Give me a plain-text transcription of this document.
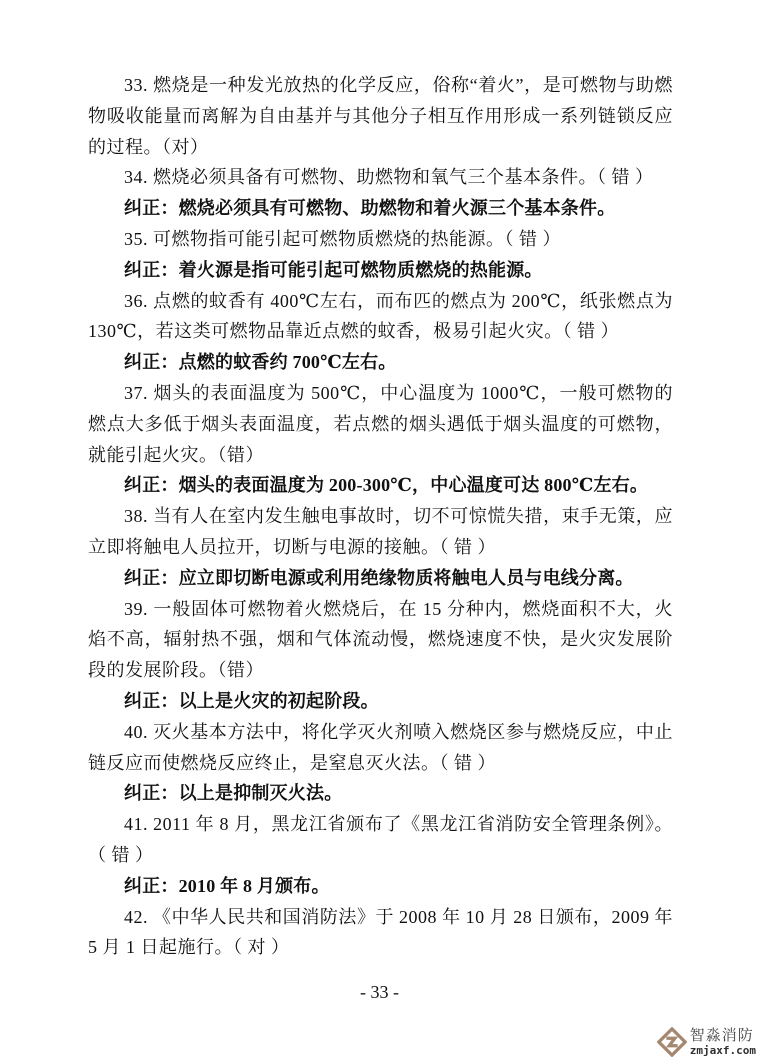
33. 燃烧是一种发光放热的化学反应，俗称“着火”，是可燃物与助燃物吸收能量而离解为自由基并与其他分子相互作用形成一系列链锁反应的过程。（对）

34. 燃烧必须具备有可燃物、助燃物和氧气三个基本条件。（ 错 ）

纠正：燃烧必须具有可燃物、助燃物和着火源三个基本条件。

35. 可燃物指可能引起可燃物质燃烧的热能源。（ 错 ）

纠正：着火源是指可能引起可燃物质燃烧的热能源。

36. 点燃的蚊香有 400℃左右，而布匹的燃点为 200℃，纸张燃点为 130℃，若这类可燃物品靠近点燃的蚊香，极易引起火灾。（ 错 ）

纠正：点燃的蚊香约 700℃左右。

37. 烟头的表面温度为 500℃，中心温度为 1000℃，一般可燃物的燃点大多低于烟头表面温度，若点燃的烟头遇低于烟头温度的可燃物，就能引起火灾。（错）

纠正：烟头的表面温度为 200-300℃，中心温度可达 800℃左右。

38. 当有人在室内发生触电事故时，切不可惊慌失措，束手无策，应立即将触电人员拉开，切断与电源的接触。（ 错 ）

纠正：应立即切断电源或利用绝缘物质将触电人员与电线分离。

39. 一般固体可燃物着火燃烧后，在 15 分种内，燃烧面积不大，火焰不高，辐射热不强，烟和气体流动慢，燃烧速度不快，是火灾发展阶段的发展阶段。（错）

纠正：以上是火灾的初起阶段。

40. 灭火基本方法中，将化学灭火剂喷入燃烧区参与燃烧反应，中止链反应而使燃烧反应终止，是窒息灭火法。（ 错 ）

纠正：以上是抑制灭火法。

41. 2011 年 8 月，黑龙江省颁布了《黑龙江省消防安全管理条例》。（ 错 ）

纠正：2010 年 8 月颁布。

42. 《中华人民共和国消防法》于 2008 年 10 月 28 日颁布，2009 年 5 月 1 日起施行。（ 对 ）

- 33 -
智淼消防
zmjaxf.com
